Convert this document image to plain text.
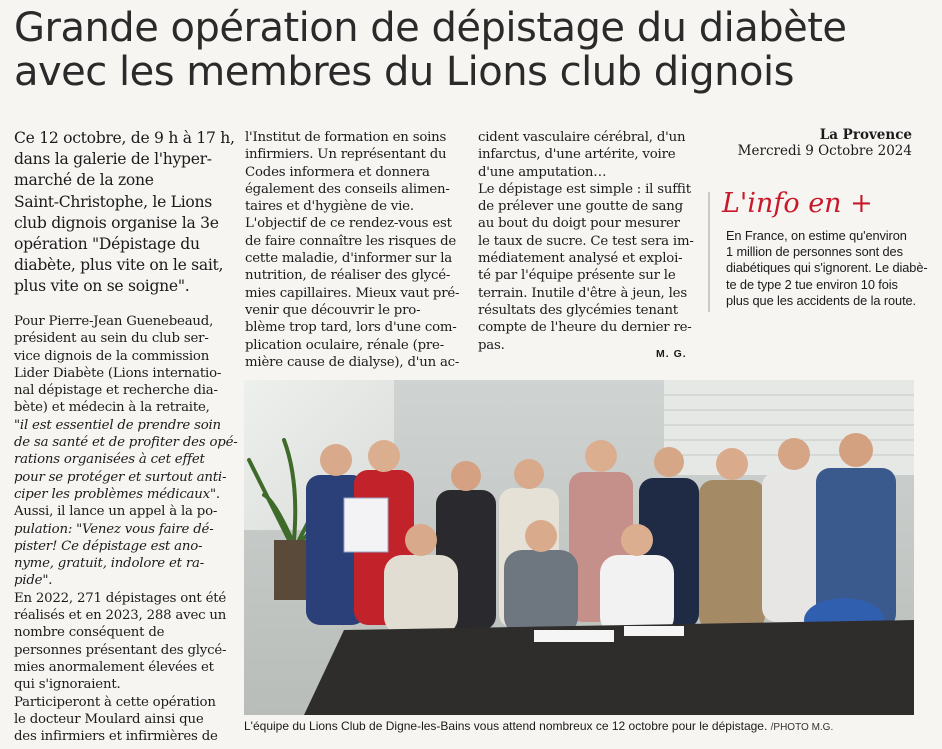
Grande opération de dépistage du diabète
avec les membres du Lions club dignois
Ce 12 octobre, de 9 h à 17 h,
dans la galerie de l'hyper-
marché de la zone
Saint-Christophe, le Lions
club dignois organise la 3e
opération "Dépistage du
diabète, plus vite on le sait,
plus vite on se soigne".
Pour Pierre-Jean Guenebeaud,
président au sein du club ser-
vice dignois de la commission
Lider Diabète (Lions internatio-
nal dépistage et recherche dia-
bète) et médecin à la retraite,
"il est essentiel de prendre soin
de sa santé et de profiter des opé-
rations organisées à cet effet
pour se protéger et surtout anti-
ciper les problèmes médicaux".
Aussi, il lance un appel à la po-
pulation: "Venez vous faire dé-
pister! Ce dépistage est ano-
nyme, gratuit, indolore et ra-
pide".
En 2022, 271 dépistages ont été
réalisés et en 2023, 288 avec un
nombre conséquent de
personnes présentant des glycé-
mies anormalement élevées et
qui s'ignoraient.
Participeront à cette opération
le docteur Moulard ainsi que
des infirmiers et infirmières de
l'Institut de formation en soins
infirmiers. Un représentant du
Codes informera et donnera
également des conseils alimen-
taires et d'hygiène de vie.
L'objectif de ce rendez-vous est
de faire connaître les risques de
cette maladie, d'informer sur la
nutrition, de réaliser des glycé-
mies capillaires. Mieux vaut pré-
venir que découvrir le pro-
blème trop tard, lors d'une com-
plication oculaire, rénale (pre-
mière cause de dialyse), d'un ac-
cident vasculaire cérébral, d'un
infarctus, d'une artérite, voire
d'une amputation…
Le dépistage est simple : il suffit
de prélever une goutte de sang
au bout du doigt pour mesurer
le taux de sucre. Ce test sera im-
médiatement analysé et exploi-
té par l'équipe présente sur le
terrain. Inutile d'être à jeun, les
résultats des glycémies tenant
compte de l'heure du dernier re-
pas.
M. G.
La Provence
Mercredi 9 Octobre 2024
L'info en +
En France, on estime qu'environ
1 million de personnes sont des
diabétiques qui s'ignorent. Le diabè-
te de type 2 tue environ 10 fois
plus que les accidents de la route.
L'équipe du Lions Club de Digne-les-Bains vous attend nombreux ce 12 octobre pour le dépistage. /PHOTO M.G.
